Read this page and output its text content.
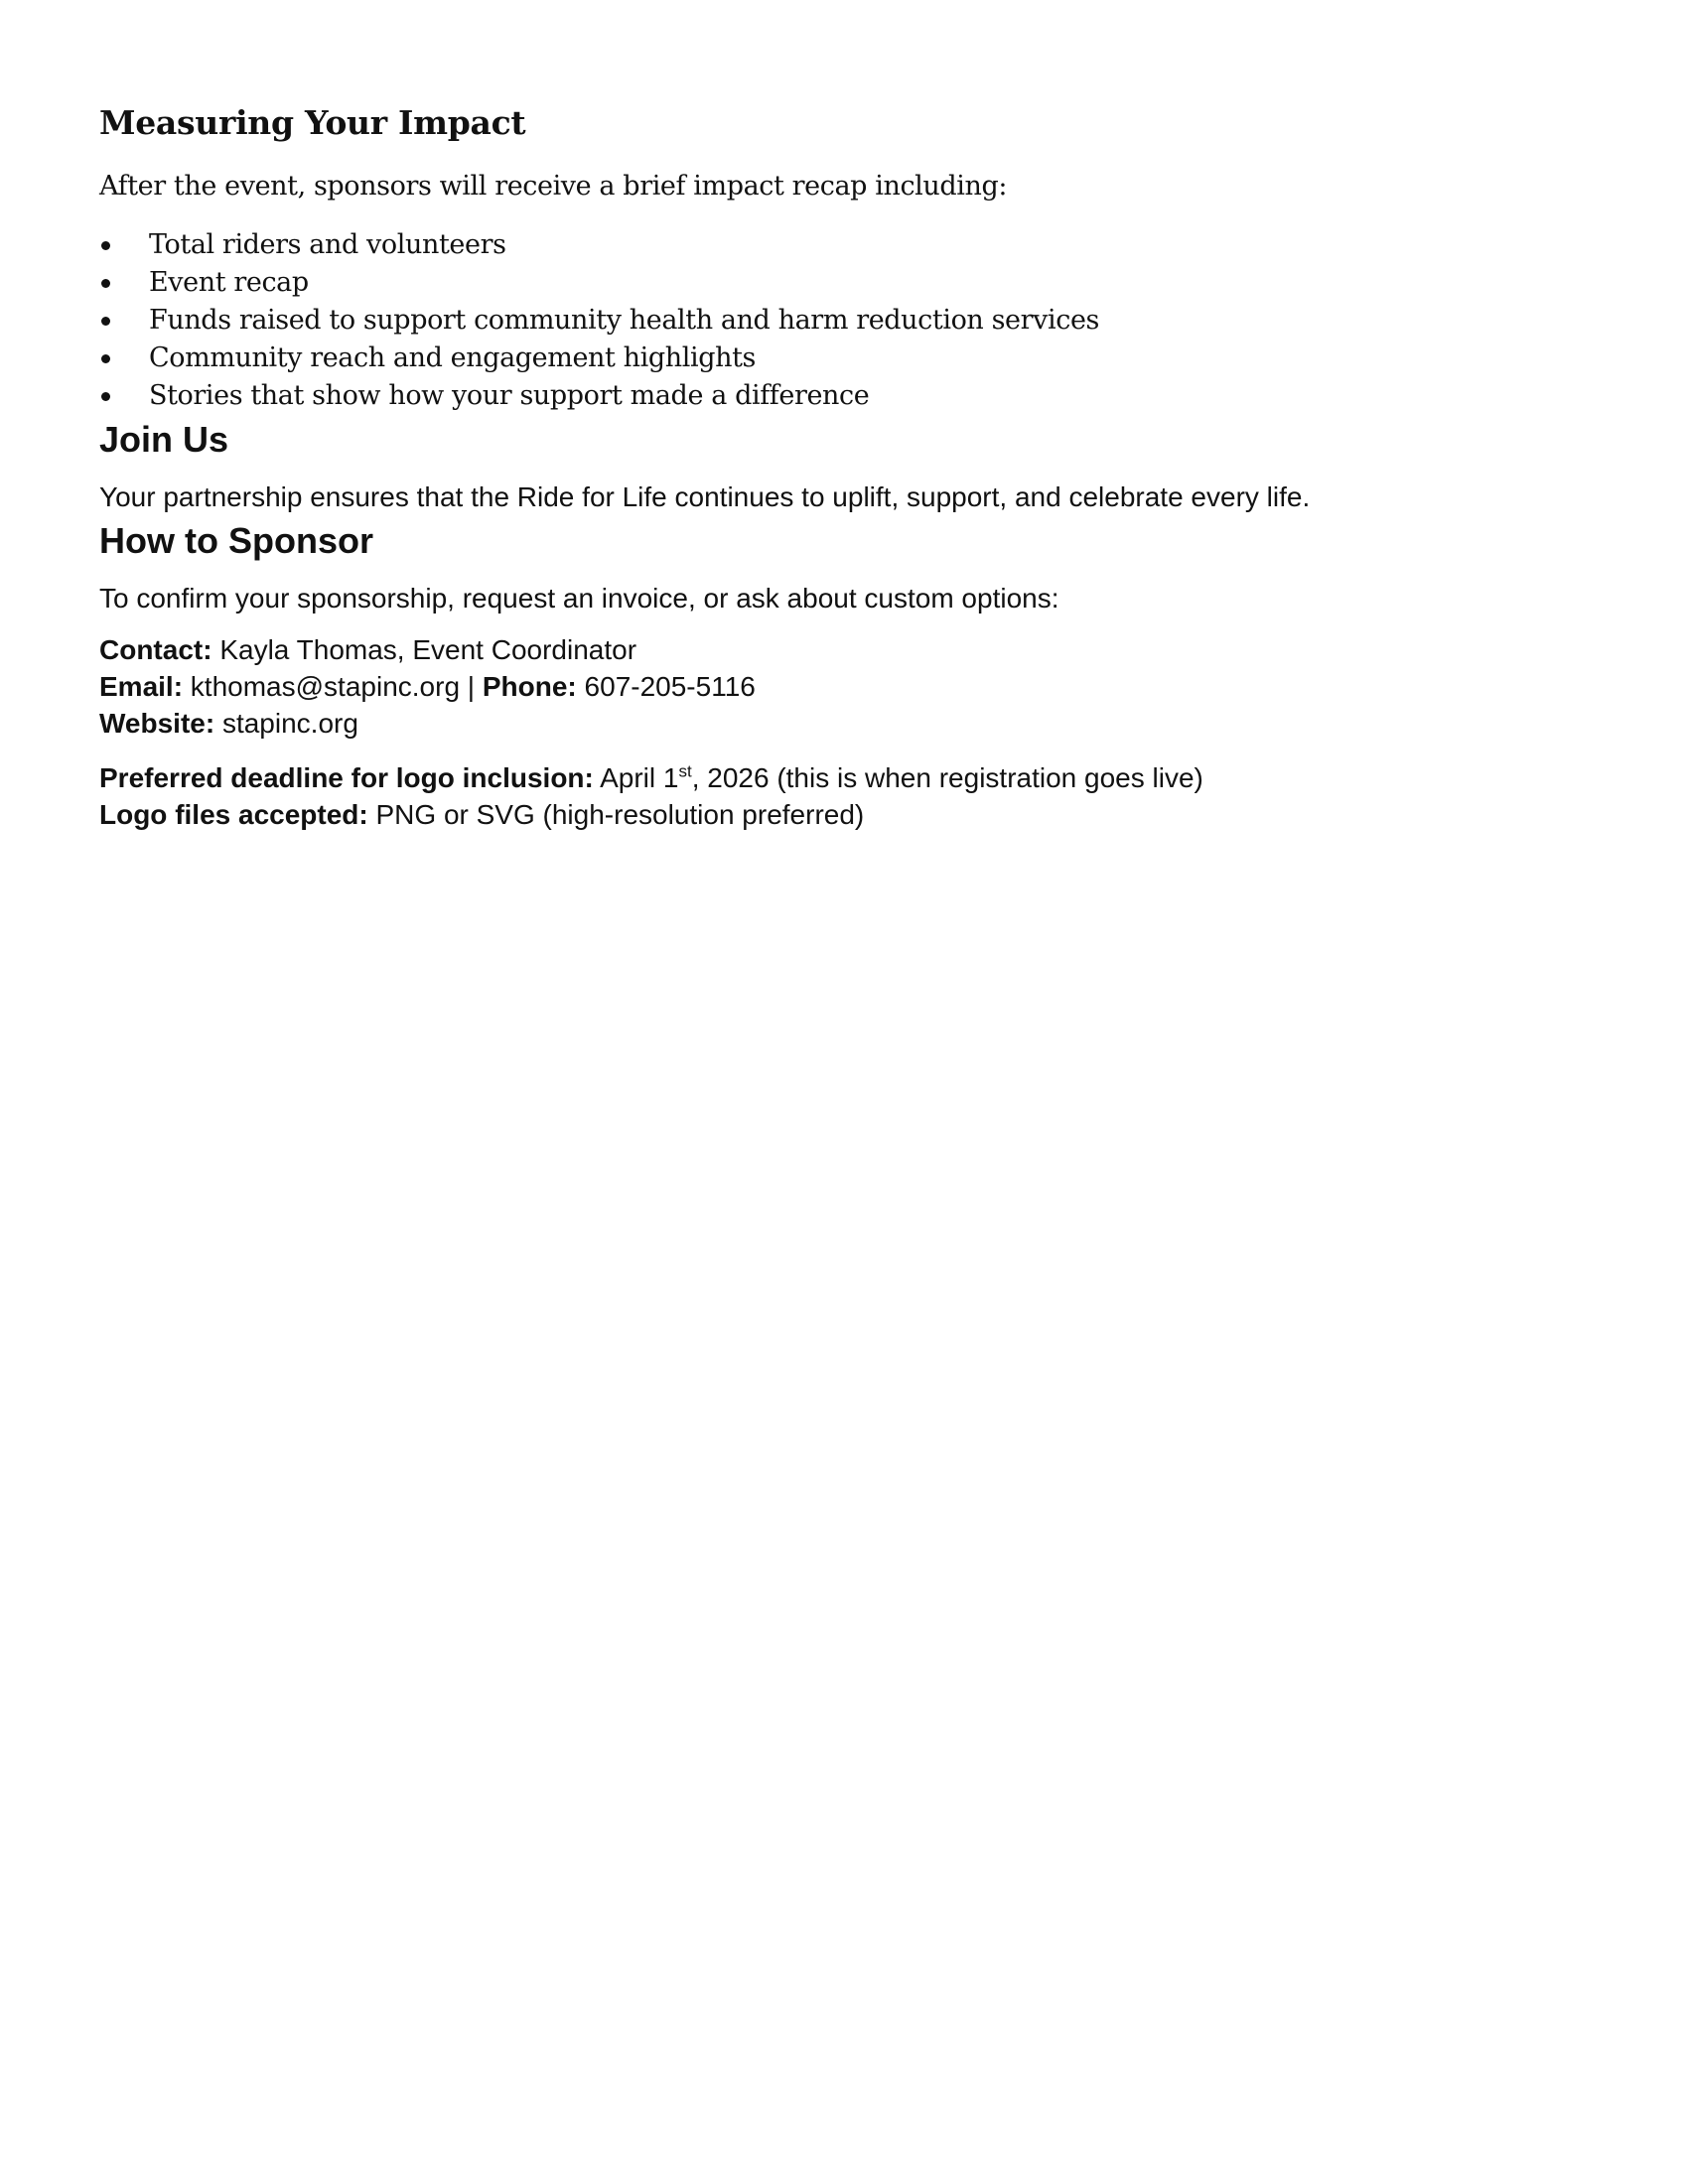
Measuring Your Impact

After the event, sponsors will receive a brief impact recap including:

Total riders and volunteers
Event recap
Funds raised to support community health and harm reduction services
Community reach and engagement highlights
Stories that show how your support made a difference
Join Us

Your partnership ensures that the Ride for Life continues to uplift, support, and celebrate every life.

How to Sponsor

To confirm your sponsorship, request an invoice, or ask about custom options:

Contact: Kayla Thomas, Event Coordinator
Email: kthomas@stapinc.org | Phone: 607-205-5116
Website: stapinc.org
Preferred deadline for logo inclusion: April 1st, 2026 (this is when registration goes live)
Logo files accepted: PNG or SVG (high-resolution preferred)
